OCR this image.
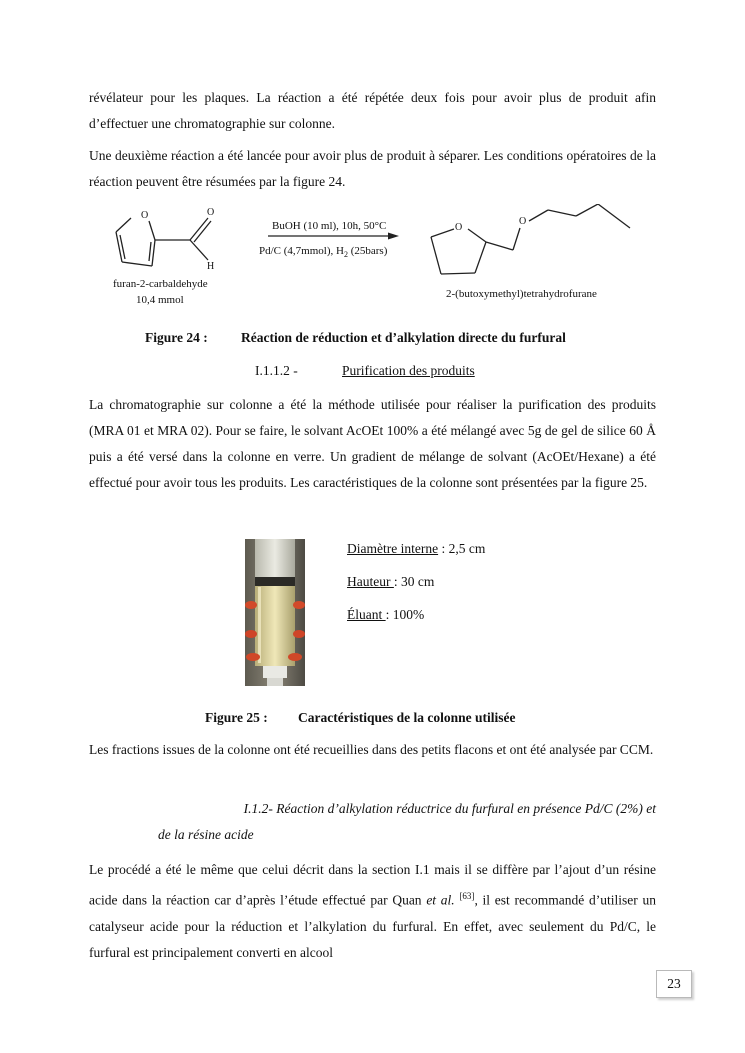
révélateur pour les plaques. La réaction a été répétée deux fois pour avoir plus de produit afin d’effectuer une chromatographie sur colonne.

Une deuxième réaction a été lancée pour avoir plus de produit à séparer. Les conditions opératoires de la réaction peuvent être résumées par la figure 24.

O	O
H
furan-2-carbaldehyde
10,4 mmol
BuOH (10 ml), 10h, 50°C
Pd/C (4,7mmol), $H_2$ (25bars)
O
O
2-(butoxymethyl)tetrahydrofurane
Figure 24 : Réaction de réduction et d’alkylation directe du furfural
I.1.1.2 -	Purification des produits

La chromatographie sur colonne a été la méthode utilisée pour réaliser la purification des produits (MRA 01 et MRA 02). Pour se faire, le solvant AcOEt 100% a été mélangé avec 5g de gel de silice 60 Å puis a été versé dans la colonne en verre. Un gradient de mélange de solvant (AcOEt/Hexane) a été effectué pour avoir tous les produits. Les caractéristiques de la colonne sont présentées par la figure 25.

Diamètre interne : 2,5 cm
Hauteur : 30 cm
Éluant : 100%
Figure 25 : Caractéristiques de la colonne utilisée

Les fractions issues de la colonne ont été recueillies dans des petits flacons et ont été analysée par CCM.

I.1.2- Réaction d’alkylation réductrice du furfural en présence Pd/C (2%) et
de la résine acide

Le procédé a été le même que celui décrit dans la section I.1 mais il se diffère par l’ajout d’un résine acide dans la réaction car d’après l’étude effectué par Quan et al. [63], il est recommandé d’utiliser un catalyseur acide pour la réduction et l’alkylation du furfural. En effet, avec seulement du Pd/C, le furfural est principalement converti en alcool

23
